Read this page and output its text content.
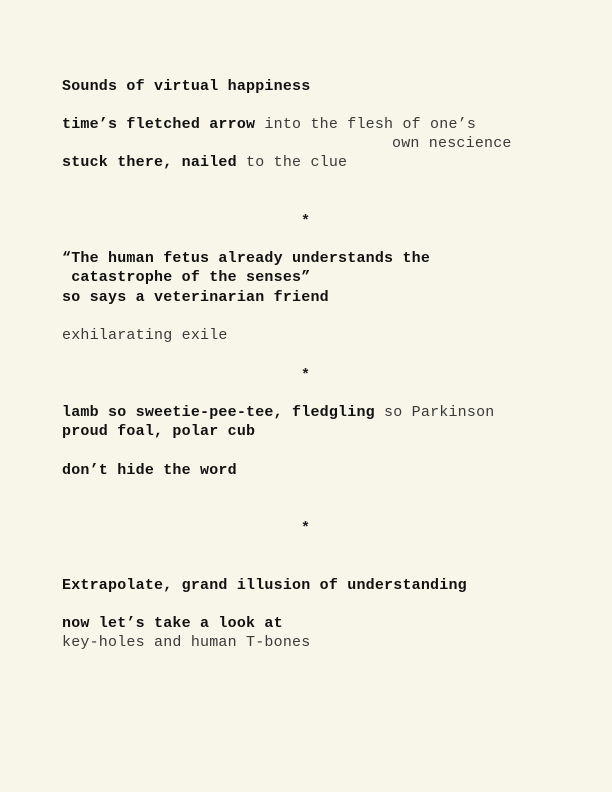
Sounds of virtual happiness
time’s fletched arrow into the flesh of one’s
own nescience
stuck there, nailed to the clue
*
“The human fetus already understands the
catastrophe of the senses”
so says a veterinarian friend
exhilarating exile
*
lamb so sweetie-pee-tee, fledgling so Parkinson
proud foal, polar cub
don’t hide the word
*
Extrapolate, grand illusion of understanding
now let’s take a look at
key-holes and human T-bones
